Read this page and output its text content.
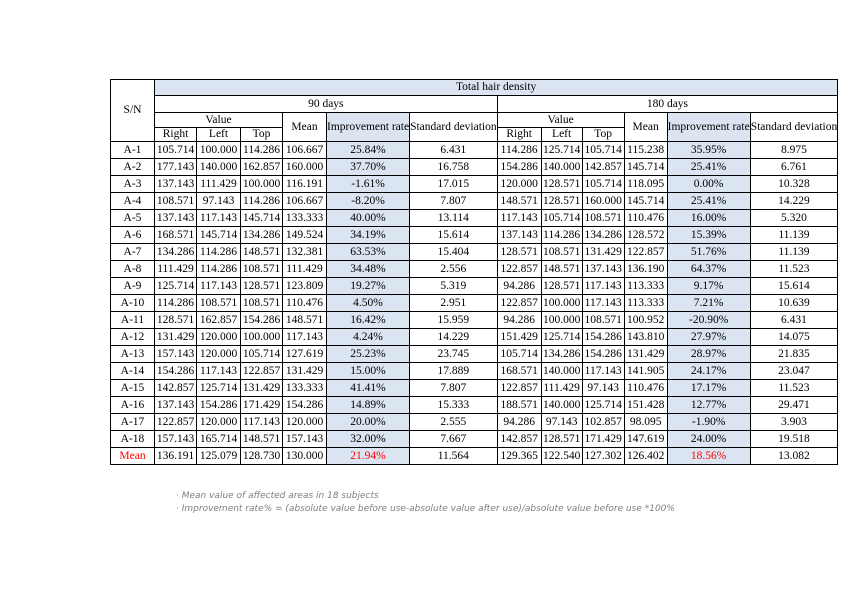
S/N	Total hair density											
	90 days						180 days					
	Value			Mean	Improvement rate	Standard deviation	Value			Mean	Improvement rate	Standard deviation
	Right	Left	Top				Right	Left	Top			
A-1	105.714	100.000	114.286	106.667	25.84%	6.431	114.286	125.714	105.714	115.238	35.95%	8.975
A-2	177.143	140.000	162.857	160.000	37.70%	16.758	154.286	140.000	142.857	145.714	25.41%	6.761
A-3	137.143	111.429	100.000	116.191	-1.61%	17.015	120.000	128.571	105.714	118.095	0.00%	10.328
A-4	108.571	97.143	114.286	106.667	-8.20%	7.807	148.571	128.571	160.000	145.714	25.41%	14.229
A-5	137.143	117.143	145.714	133.333	40.00%	13.114	117.143	105.714	108.571	110.476	16.00%	5.320
A-6	168.571	145.714	134.286	149.524	34.19%	15.614	137.143	114.286	134.286	128.572	15.39%	11.139
A-7	134.286	114.286	148.571	132.381	63.53%	15.404	128.571	108.571	131.429	122.857	51.76%	11.139
A-8	111.429	114.286	108.571	111.429	34.48%	2.556	122.857	148.571	137.143	136.190	64.37%	11.523
A-9	125.714	117.143	128.571	123.809	19.27%	5.319	94.286	128.571	117.143	113.333	9.17%	15.614
A-10	114.286	108.571	108.571	110.476	4.50%	2.951	122.857	100.000	117.143	113.333	7.21%	10.639
A-11	128.571	162.857	154.286	148.571	16.42%	15.959	94.286	100.000	108.571	100.952	-20.90%	6.431
A-12	131.429	120.000	100.000	117.143	4.24%	14.229	151.429	125.714	154.286	143.810	27.97%	14.075
A-13	157.143	120.000	105.714	127.619	25.23%	23.745	105.714	134.286	154.286	131.429	28.97%	21.835
A-14	154.286	117.143	122.857	131.429	15.00%	17.889	168.571	140.000	117.143	141.905	24.17%	23.047
A-15	142.857	125.714	131.429	133.333	41.41%	7.807	122.857	111.429	97.143	110.476	17.17%	11.523
A-16	137.143	154.286	171.429	154.286	14.89%	15.333	188.571	140.000	125.714	151.428	12.77%	29.471
A-17	122.857	120.000	117.143	120.000	20.00%	2.555	94.286	97.143	102.857	98.095	-1.90%	3.903
A-18	157.143	165.714	148.571	157.143	32.00%	7.667	142.857	128.571	171.429	147.619	24.00%	19.518
Mean	136.191	125.079	128.730	130.000	21.94%	11.564	129.365	122.540	127.302	126.402	18.56%	13.082
· Mean value of affected areas in 18 subjects
· Improvement rate% = (absolute value before use-absolute value after use)/absolute value before use *100%
